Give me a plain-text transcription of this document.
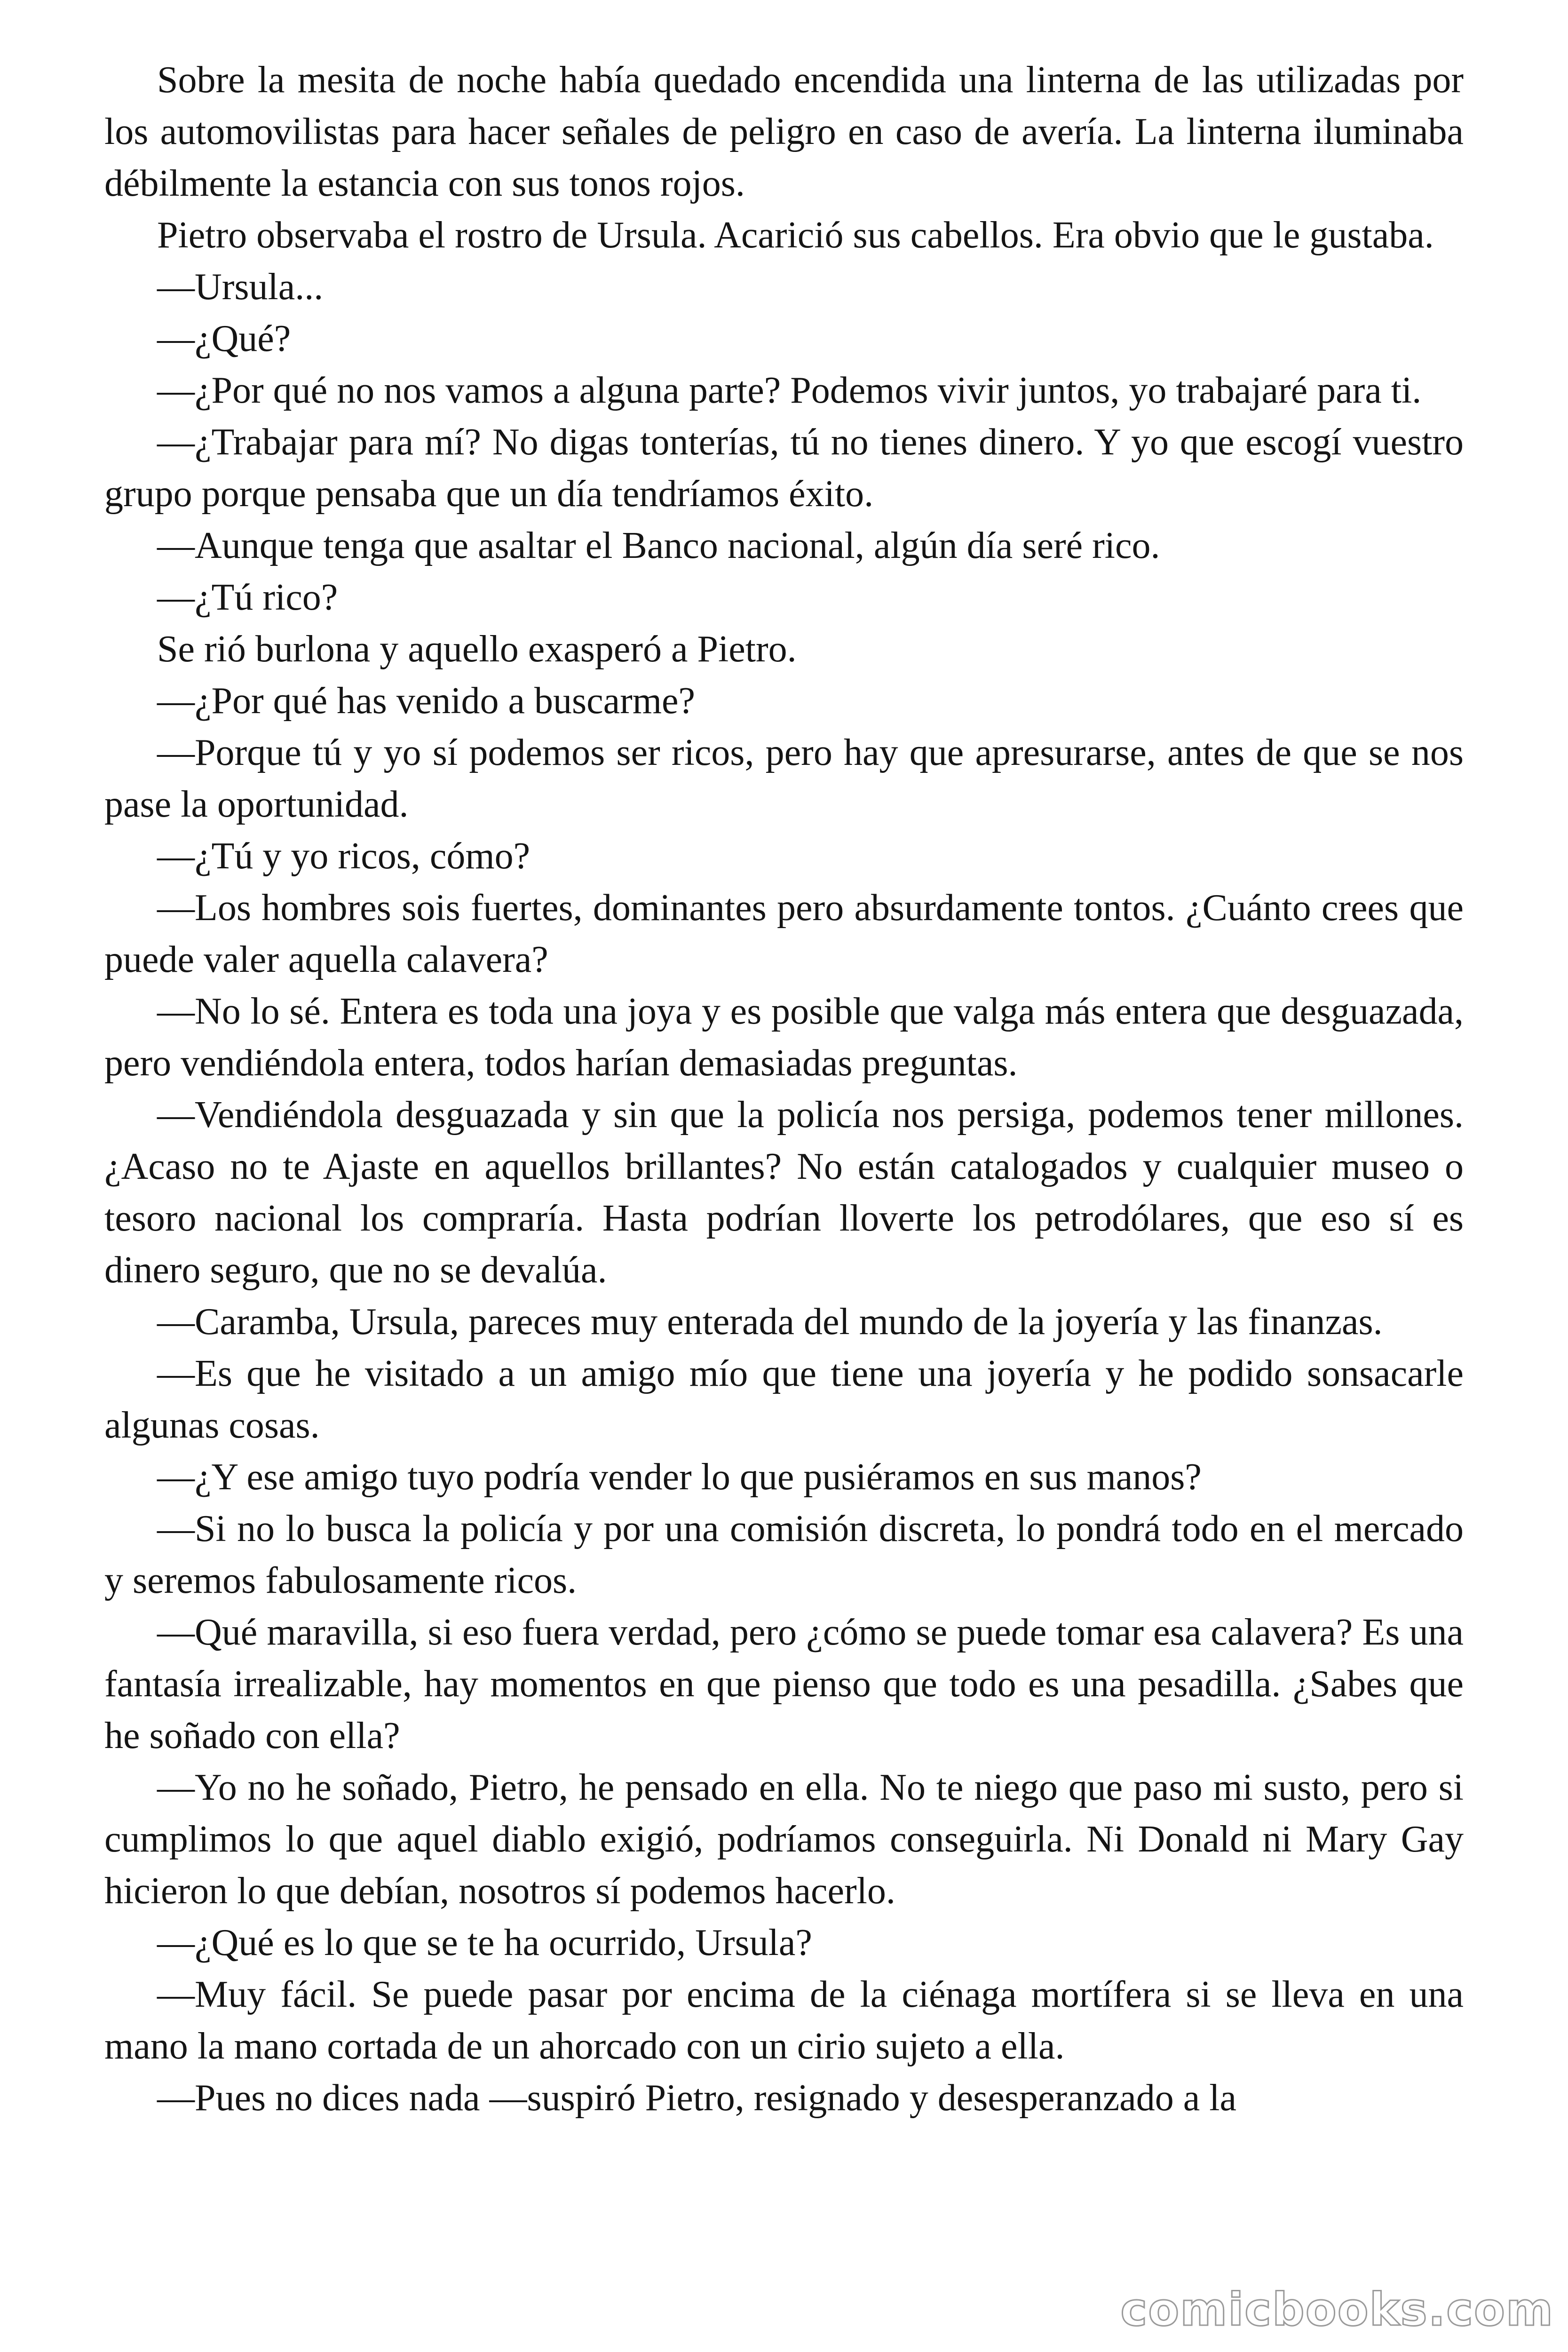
Sobre la mesita de noche había quedado encendida una linterna de las utilizadas por los automovilistas para hacer señales de peligro en caso de avería. La linterna iluminaba débilmente la estancia con sus tonos rojos.

Pietro observaba el rostro de Ursula. Acarició sus cabellos. Era obvio que le gustaba.

—Ursula...

—¿Qué?

—¿Por qué no nos vamos a alguna parte? Podemos vivir juntos, yo trabajaré para ti.

—¿Trabajar para mí? No digas tonterías, tú no tienes dinero. Y yo que escogí vuestro grupo porque pensaba que un día tendríamos éxito.

—Aunque tenga que asaltar el Banco nacional, algún día seré rico.

—¿Tú rico?

Se rió burlona y aquello exasperó a Pietro.

—¿Por qué has venido a buscarme?

—Porque tú y yo sí podemos ser ricos, pero hay que apresurarse, antes de que se nos pase la oportunidad.

—¿Tú y yo ricos, cómo?

—Los hombres sois fuertes, dominantes pero absurdamente tontos. ¿Cuánto crees que puede valer aquella calavera?

—No lo sé. Entera es toda una joya y es posible que valga más entera que desguazada, pero vendiéndola entera, todos harían demasiadas preguntas.

—Vendiéndola desguazada y sin que la policía nos persiga, podemos tener millones. ¿Acaso no te Ajaste en aquellos brillantes? No están catalogados y cualquier museo o tesoro nacional los compraría. Hasta podrían lloverte los petrodólares, que eso sí es dinero seguro, que no se devalúa.

—Caramba, Ursula, pareces muy enterada del mundo de la joyería y las finanzas.

—Es que he visitado a un amigo mío que tiene una joyería y he podido sonsacarle algunas cosas.

—¿Y ese amigo tuyo podría vender lo que pusiéramos en sus manos?

—Si no lo busca la policía y por una comisión discreta, lo pondrá todo en el mercado y seremos fabulosamente ricos.

—Qué maravilla, si eso fuera verdad, pero ¿cómo se puede tomar esa calavera? Es una fantasía irrealizable, hay momentos en que pienso que todo es una pesadilla. ¿Sabes que he soñado con ella?

—Yo no he soñado, Pietro, he pensado en ella. No te niego que paso mi susto, pero si cumplimos lo que aquel diablo exigió, podríamos conseguirla. Ni Donald ni Mary Gay hicieron lo que debían, nosotros sí podemos hacerlo.

—¿Qué es lo que se te ha ocurrido, Ursula?

—Muy fácil. Se puede pasar por encima de la ciénaga mortífera si se lleva en una mano la mano cortada de un ahorcado con un cirio sujeto a ella.

—Pues no dices nada —suspiró Pietro, resignado y desesperanzado a la

comicbooks.com
